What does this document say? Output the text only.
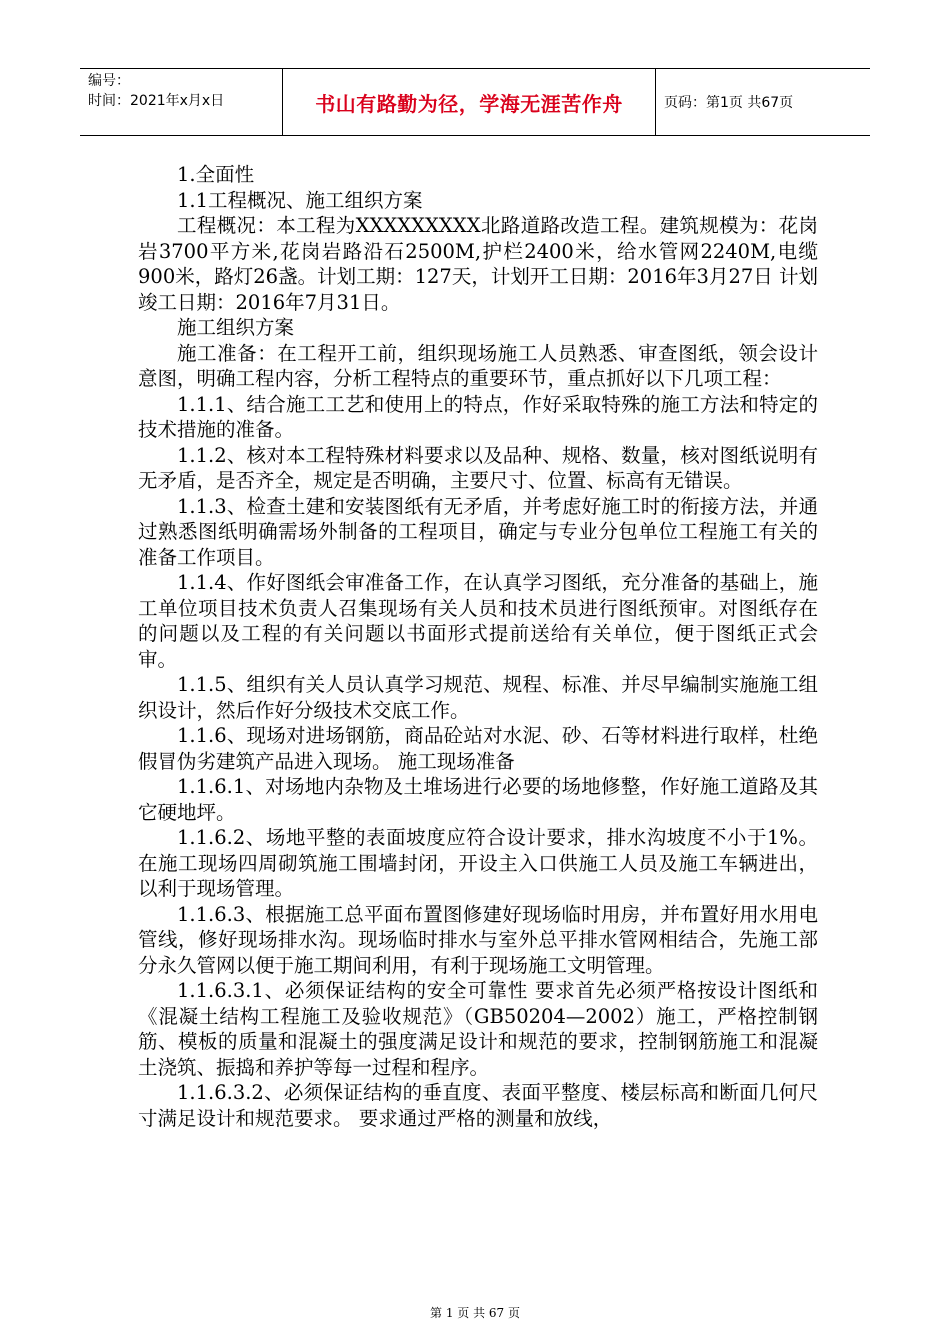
编号：
时间：2021年x月x日	书山有路勤为径，学海无涯苦作舟	页码：第1页 共67页

1.全面性

1.1工程概况、施工组织方案

工程概况：本工程为XXXXXXXXX北路道路改造工程。建筑规模为：花岗岩3700平方米,花岗岩路沿石2500M,护栏2400米，给水管网2240M,电缆900米，路灯26盏。计划工期：127天，计划开工日期：2016年3月27日 计划竣工日期：2016年7月31日。

施工组织方案

施工准备：在工程开工前，组织现场施工人员熟悉、审查图纸，领会设计意图，明确工程内容，分析工程特点的重要环节，重点抓好以下几项工程：

1.1.1、结合施工工艺和使用上的特点，作好采取特殊的施工方法和特定的技术措施的准备。

1.1.2、核对本工程特殊材料要求以及品种、规格、数量，核对图纸说明有无矛盾，是否齐全，规定是否明确，主要尺寸、位置、标高有无错误。

1.1.3、检查土建和安装图纸有无矛盾，并考虑好施工时的衔接方法，并通过熟悉图纸明确需场外制备的工程项目，确定与专业分包单位工程施工有关的准备工作项目。

1.1.4、作好图纸会审准备工作，在认真学习图纸，充分准备的基础上，施工单位项目技术负责人召集现场有关人员和技术员进行图纸预审。对图纸存在的问题以及工程的有关问题以书面形式提前送给有关单位，便于图纸正式会审。

1.1.5、组织有关人员认真学习规范、规程、标准、并尽早编制实施施工组织设计，然后作好分级技术交底工作。

1.1.6、现场对进场钢筋，商品砼站对水泥、砂、石等材料进行取样，杜绝假冒伪劣建筑产品进入现场。 施工现场准备

1.1.6.1、对场地内杂物及土堆场进行必要的场地修整，作好施工道路及其它硬地坪。

1.1.6.2、场地平整的表面坡度应符合设计要求，排水沟坡度不小于1%。在施工现场四周砌筑施工围墙封闭，开设主入口供施工人员及施工车辆进出，以利于现场管理。

1.1.6.3、根据施工总平面布置图修建好现场临时用房，并布置好用水用电管线，修好现场排水沟。现场临时排水与室外总平排水管网相结合，先施工部分永久管网以便于施工期间利用，有利于现场施工文明管理。

1.1.6.3.1、必须保证结构的安全可靠性 要求首先必须严格按设计图纸和《混凝土结构工程施工及验收规范》（GB50204—2002）施工，严格控制钢筋、模板的质量和混凝土的强度满足设计和规范的要求，控制钢筋施工和混凝土浇筑、振捣和养护等每一过程和程序。

1.1.6.3.2、必须保证结构的垂直度、表面平整度、楼层标高和断面几何尺寸满足设计和规范要求。 要求通过严格的测量和放线，

第 1 页 共 67 页
